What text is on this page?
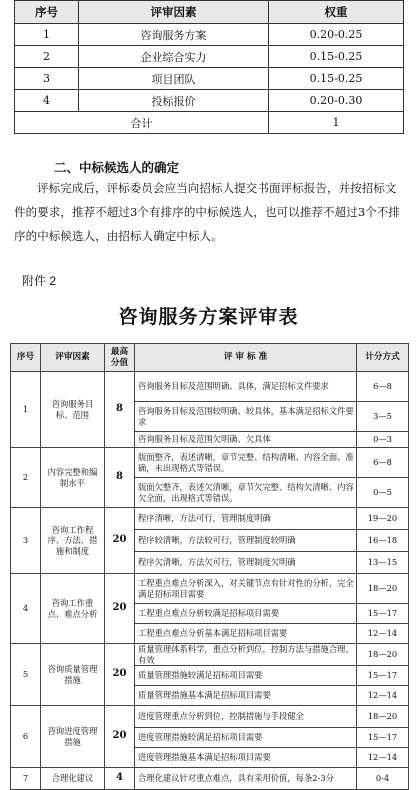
序号	评审因素	权重
1	咨询服务方案	0.20-0.25
2	企业综合实力	0.15-0.25
3	项目团队	0.15-0.25
4	投标报价	0.20-0.30
合计		1
二、中标候选人的确定
评标完成后，评标委员会应当向招标人提交书面评标报告，并按招标文件的要求，推荐不超过3个有排序的中标候选人，也可以推荐不超过3个不排序的中标候选人，由招标人确定中标人。
附件 2
咨询服务方案评审表
序号	评审因素	最高分值	评 审 标 准	计分方式
1	咨询服务目标、范围	8	咨询服务目标及范围明确、具体，满足招标文件要求	6—8
			咨询服务目标及范围较明确、较具体，基本满足招标文件要求	3—5
			咨询服务目标及范围欠明确、欠具体	0—3
2	内容完整和编制水平	8	版面整齐，表述清晰，章节完整、结构清晰、内容全面、准确，未出现格式等错误。	6—8
			版面欠整齐，表述欠清晰，章节欠完整、结构欠清晰、内容欠全面，出现格式等错误。	0—5
3	咨询工作程序、方法、措施和制度	20	程序清晰，方法可行，管理制度明确	19—20
			程序较清晰，方法较可行，管理制度较明确	16—18
			程序欠清晰，方法欠可行，管理制度欠明确	13—15
4	咨询工作重点、难点分析	20	工程重点难点分析深入，对关键节点有针对性的分析，完全满足招标项目需要	18—20
			工程重点难点分析较满足招标项目需要	15—17
			工程重点难点分析基本满足招标项目需要	12—14
5	咨询质量管理措施	20	质量管理体系科学，重点分析到位，控制方法与措施合理、有效	18—20
			质量管理措施较满足招标项目需要	15—17
			质量管理措施基本满足招标项目需要	12—14
6	咨询进度管理措施	20	进度管理重点分析到位，控制措施与手段健全	18—20
			进度管理措施较满足招标项目需要	15—17
			进度管理措施基本满足招标项目需要	12—14
7	合理化建议	4	合理化建议针对重点难点，具有采用价值，每条2-3分	0-4
